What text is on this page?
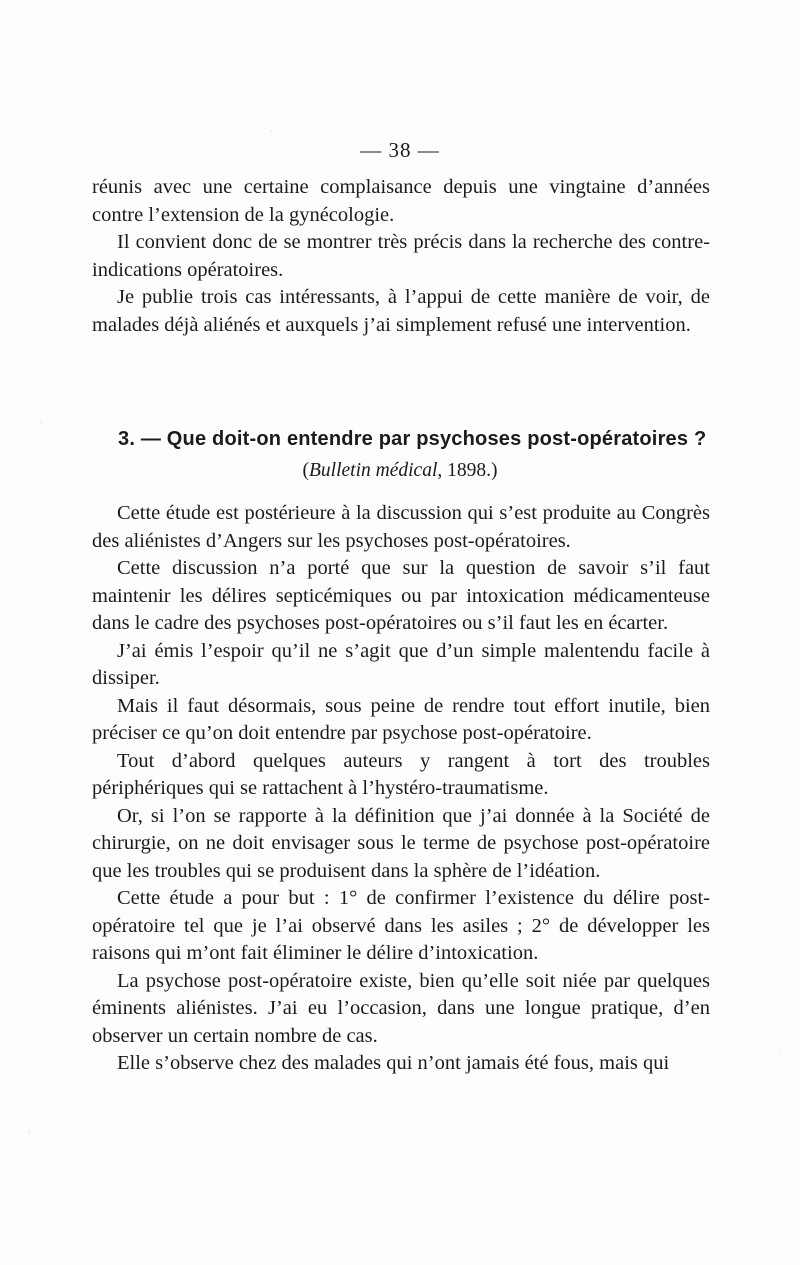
— 38 —

réunis avec une certaine complaisance depuis une vingtaine d’années contre l’extension de la gynécologie.

Il convient donc de se montrer très précis dans la recherche des contre-indications opératoires.

Je publie trois cas intéressants, à l’appui de cette manière de voir, de malades déjà aliénés et auxquels j’ai simplement refusé une intervention.

3. — Que doit-on entendre par psychoses post-opératoires ?
(Bulletin médical, 1898.)

Cette étude est postérieure à la discussion qui s’est produite au Congrès des aliénistes d’Angers sur les psychoses post-opératoires.

Cette discussion n’a porté que sur la question de savoir s’il faut maintenir les délires septicémiques ou par intoxication médicamenteuse dans le cadre des psychoses post-opératoires ou s’il faut les en écarter.

J’ai émis l’espoir qu’il ne s’agit que d’un simple malentendu facile à dissiper.

Mais il faut désormais, sous peine de rendre tout effort inutile, bien préciser ce qu’on doit entendre par psychose post-opératoire.

Tout d’abord quelques auteurs y rangent à tort des troubles périphériques qui se rattachent à l’hystéro-traumatisme.

Or, si l’on se rapporte à la définition que j’ai donnée à la Société de chirurgie, on ne doit envisager sous le terme de psychose post-opératoire que les troubles qui se produisent dans la sphère de l’idéation.

Cette étude a pour but : 1° de confirmer l’existence du délire post-opératoire tel que je l’ai observé dans les asiles ; 2° de développer les raisons qui m’ont fait éliminer le délire d’intoxication.

La psychose post-opératoire existe, bien qu’elle soit niée par quelques éminents aliénistes. J’ai eu l’occasion, dans une longue pratique, d’en observer un certain nombre de cas.

Elle s’observe chez des malades qui n’ont jamais été fous, mais qui
